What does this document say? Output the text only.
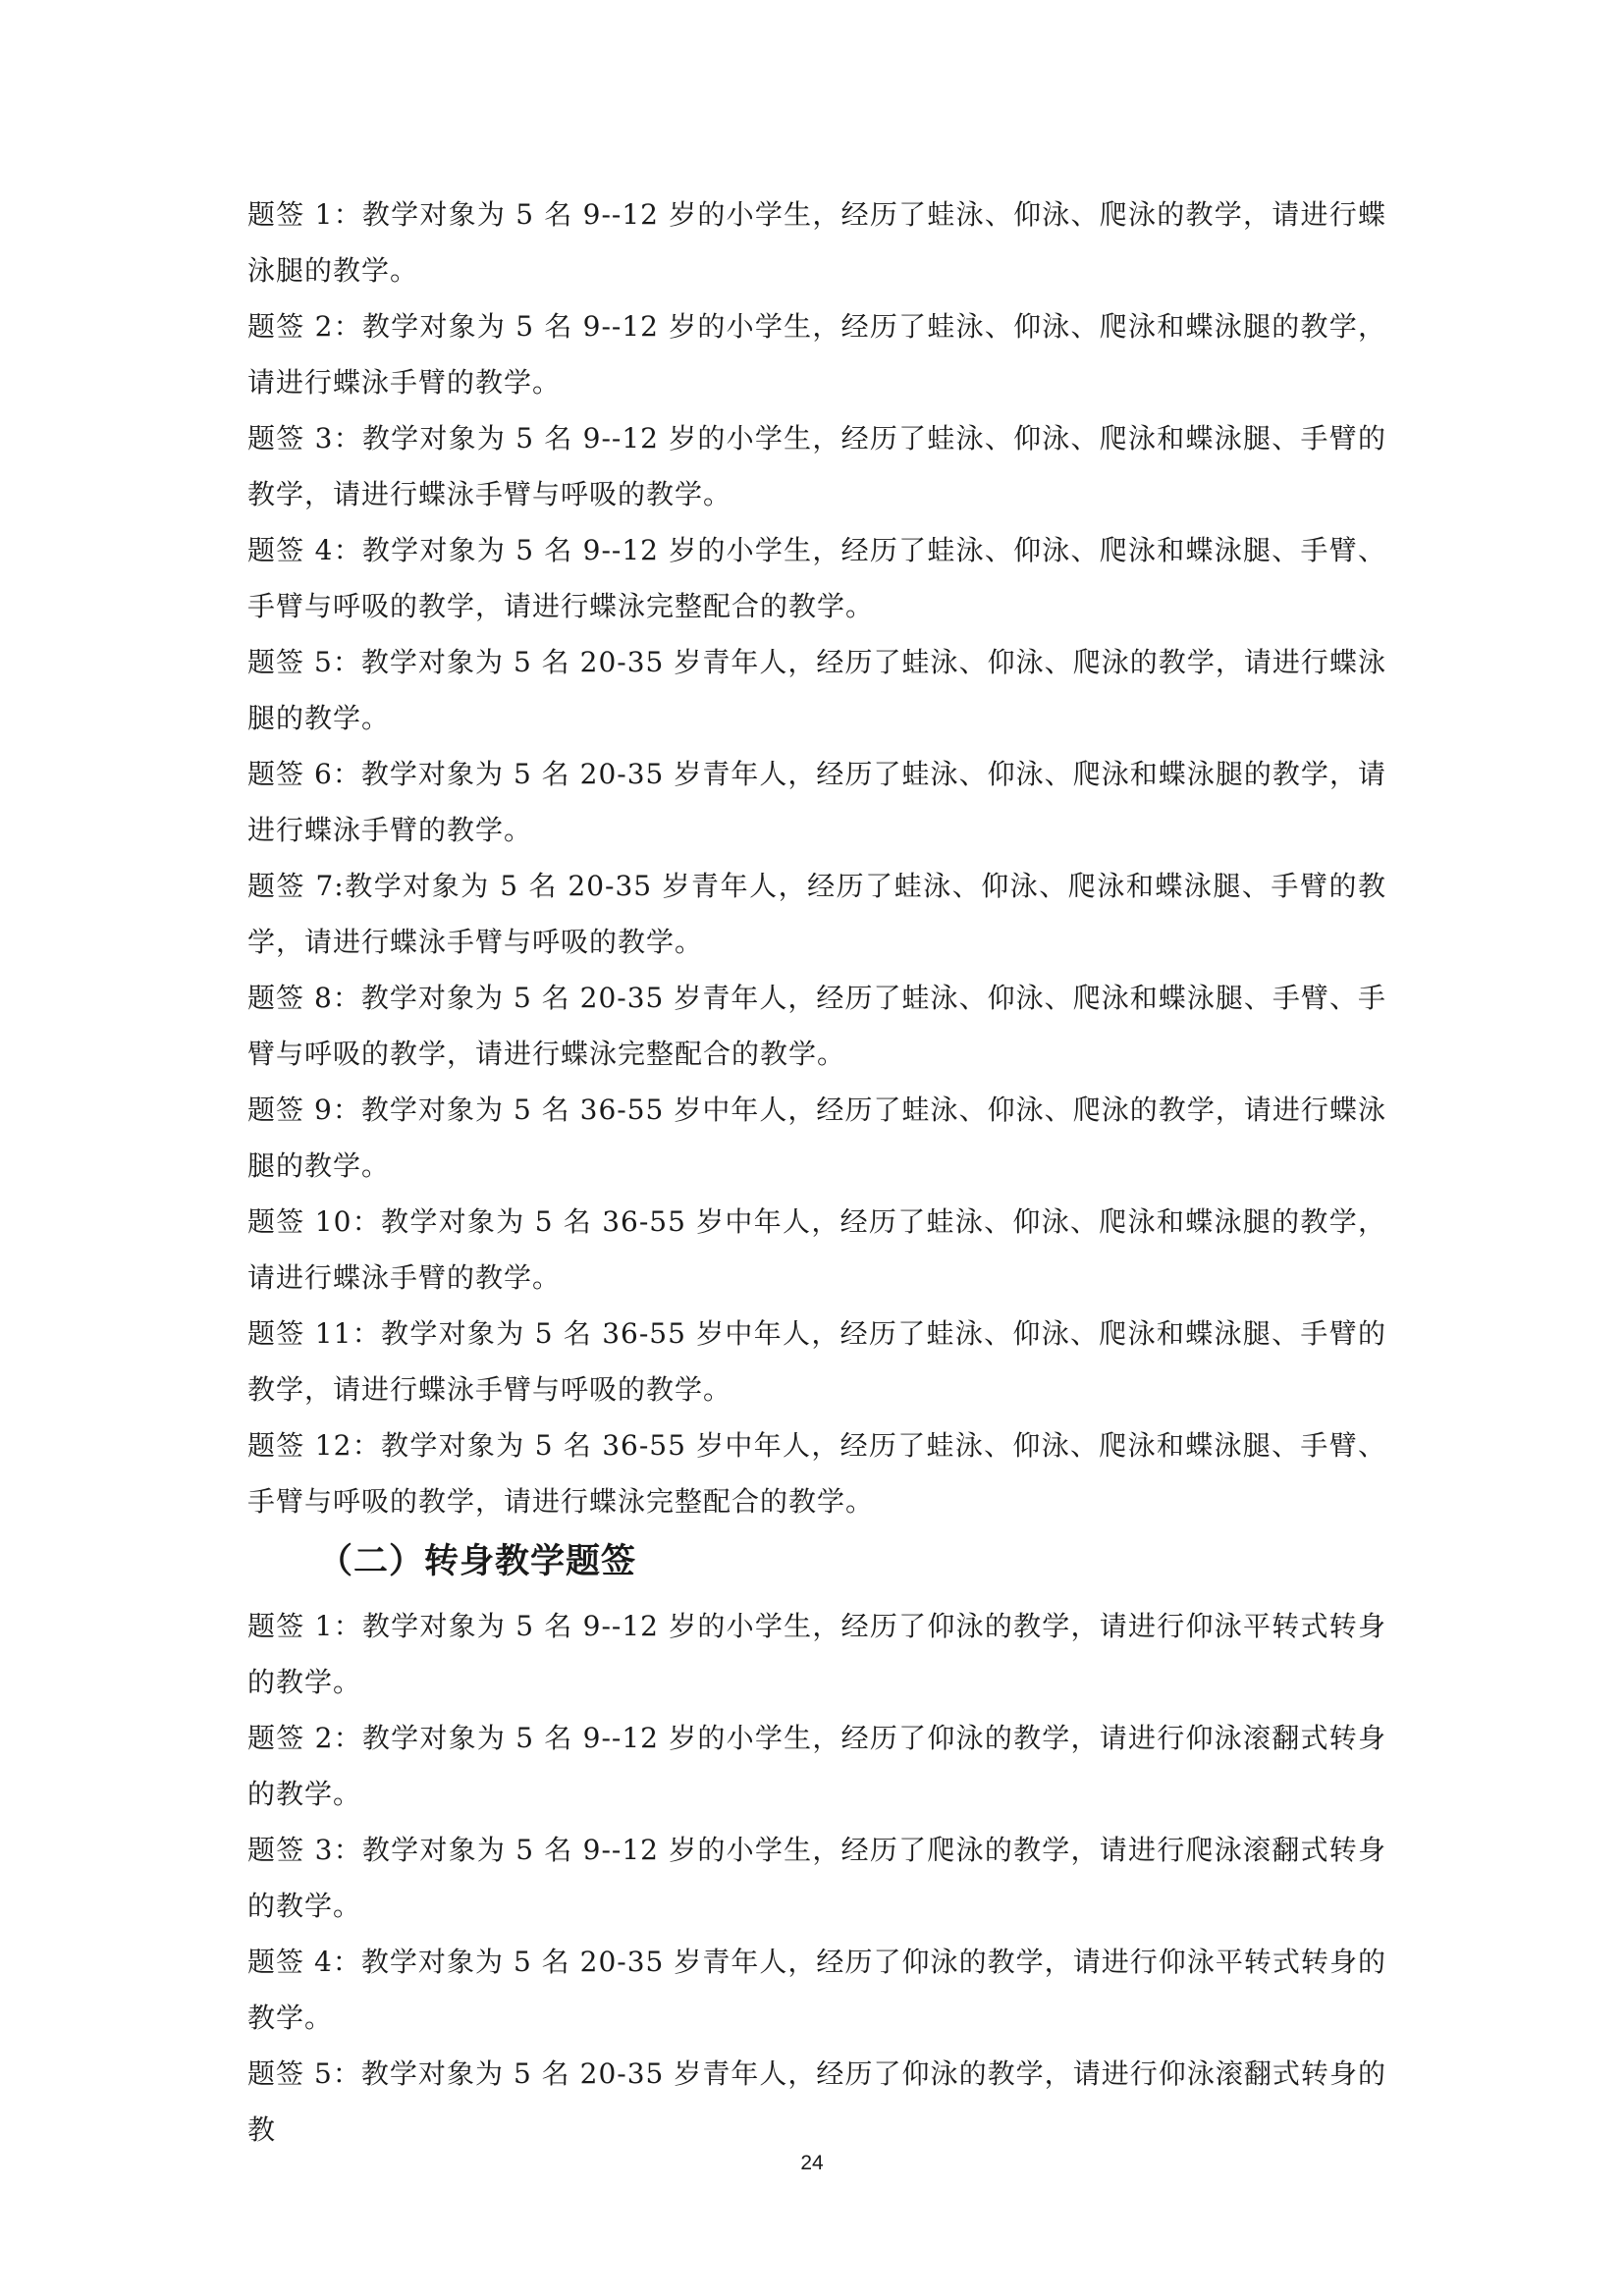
题签 1：教学对象为 5 名 9--12 岁的小学生，经历了蛙泳、仰泳、爬泳的教学，请进行蝶泳腿的教学。

题签 2：教学对象为 5 名 9--12 岁的小学生，经历了蛙泳、仰泳、爬泳和蝶泳腿的教学，请进行蝶泳手臂的教学。

题签 3：教学对象为 5 名 9--12 岁的小学生，经历了蛙泳、仰泳、爬泳和蝶泳腿、手臂的教学，请进行蝶泳手臂与呼吸的教学。

题签 4：教学对象为 5 名 9--12 岁的小学生，经历了蛙泳、仰泳、爬泳和蝶泳腿、手臂、手臂与呼吸的教学，请进行蝶泳完整配合的教学。

题签 5：教学对象为 5 名 20-35 岁青年人，经历了蛙泳、仰泳、爬泳的教学，请进行蝶泳腿的教学。

题签 6：教学对象为 5 名 20-35 岁青年人，经历了蛙泳、仰泳、爬泳和蝶泳腿的教学，请进行蝶泳手臂的教学。

题签 7:教学对象为 5 名 20-35 岁青年人，经历了蛙泳、仰泳、爬泳和蝶泳腿、手臂的教学，请进行蝶泳手臂与呼吸的教学。

题签 8：教学对象为 5 名 20-35 岁青年人，经历了蛙泳、仰泳、爬泳和蝶泳腿、手臂、手臂与呼吸的教学，请进行蝶泳完整配合的教学。

题签 9：教学对象为 5 名 36-55 岁中年人，经历了蛙泳、仰泳、爬泳的教学，请进行蝶泳腿的教学。

题签 10：教学对象为 5 名 36-55 岁中年人，经历了蛙泳、仰泳、爬泳和蝶泳腿的教学，请进行蝶泳手臂的教学。

题签 11：教学对象为 5 名 36-55 岁中年人，经历了蛙泳、仰泳、爬泳和蝶泳腿、手臂的教学，请进行蝶泳手臂与呼吸的教学。

题签 12：教学对象为 5 名 36-55 岁中年人，经历了蛙泳、仰泳、爬泳和蝶泳腿、手臂、手臂与呼吸的教学，请进行蝶泳完整配合的教学。

（二）转身教学题签

题签 1：教学对象为 5 名 9--12 岁的小学生，经历了仰泳的教学，请进行仰泳平转式转身的教学。

题签 2：教学对象为 5 名 9--12 岁的小学生，经历了仰泳的教学，请进行仰泳滚翻式转身的教学。

题签 3：教学对象为 5 名 9--12 岁的小学生，经历了爬泳的教学，请进行爬泳滚翻式转身的教学。

题签 4：教学对象为 5 名 20-35 岁青年人，经历了仰泳的教学，请进行仰泳平转式转身的教学。

题签 5：教学对象为 5 名 20-35 岁青年人，经历了仰泳的教学，请进行仰泳滚翻式转身的教

24
